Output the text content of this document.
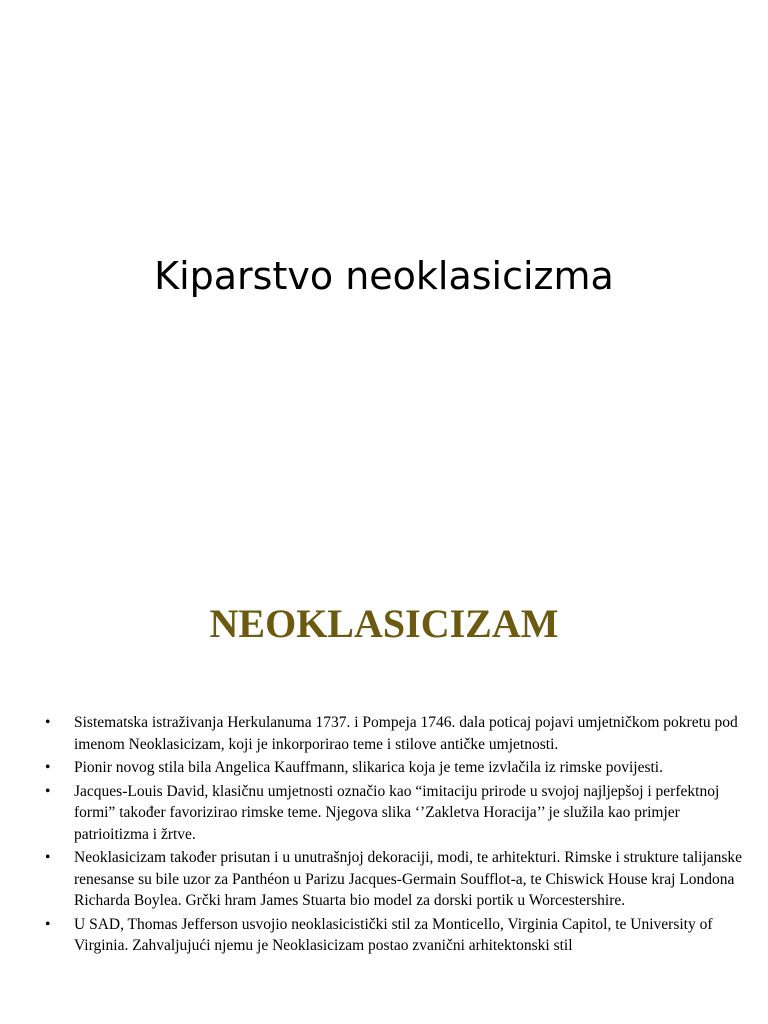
Kiparstvo neoklasicizma
NEOKLASICIZAM
•	Sistematska istraživanja Herkulanuma 1737. i Pompeja 1746. dala poticaj pojavi umjetničkom pokretu pod imenom Neoklasicizam, koji je inkorporirao teme i stilove antičke umjetnosti.
•	Pionir novog stila bila Angelica Kauffmann, slikarica koja je teme izvlačila iz rimske povijesti.
•	Jacques-Louis David, klasičnu umjetnosti označio kao “imitaciju prirode u svojoj najljepšoj i perfektnoj formi” također favorizirao rimske teme. Njegova slika ‘’Zakletva Horacija’’ je služila kao primjer patrioitizma i žrtve.
•	Neoklasicizam također prisutan i u unutrašnjoj dekoraciji, modi, te arhitekturi. Rimske i strukture talijanske renesanse su bile uzor za Panthéon u Parizu Jacques-Germain Soufflot-a, te Chiswick House kraj Londona Richarda Boylea. Grčki hram James Stuarta bio model za dorski portik u Worcestershire.
•	U SAD, Thomas Jefferson usvojio neoklasicistički stil za Monticello, Virginia Capitol, te University of Virginia. Zahvaljujući njemu je Neoklasicizam postao zvanični arhitektonski stil
